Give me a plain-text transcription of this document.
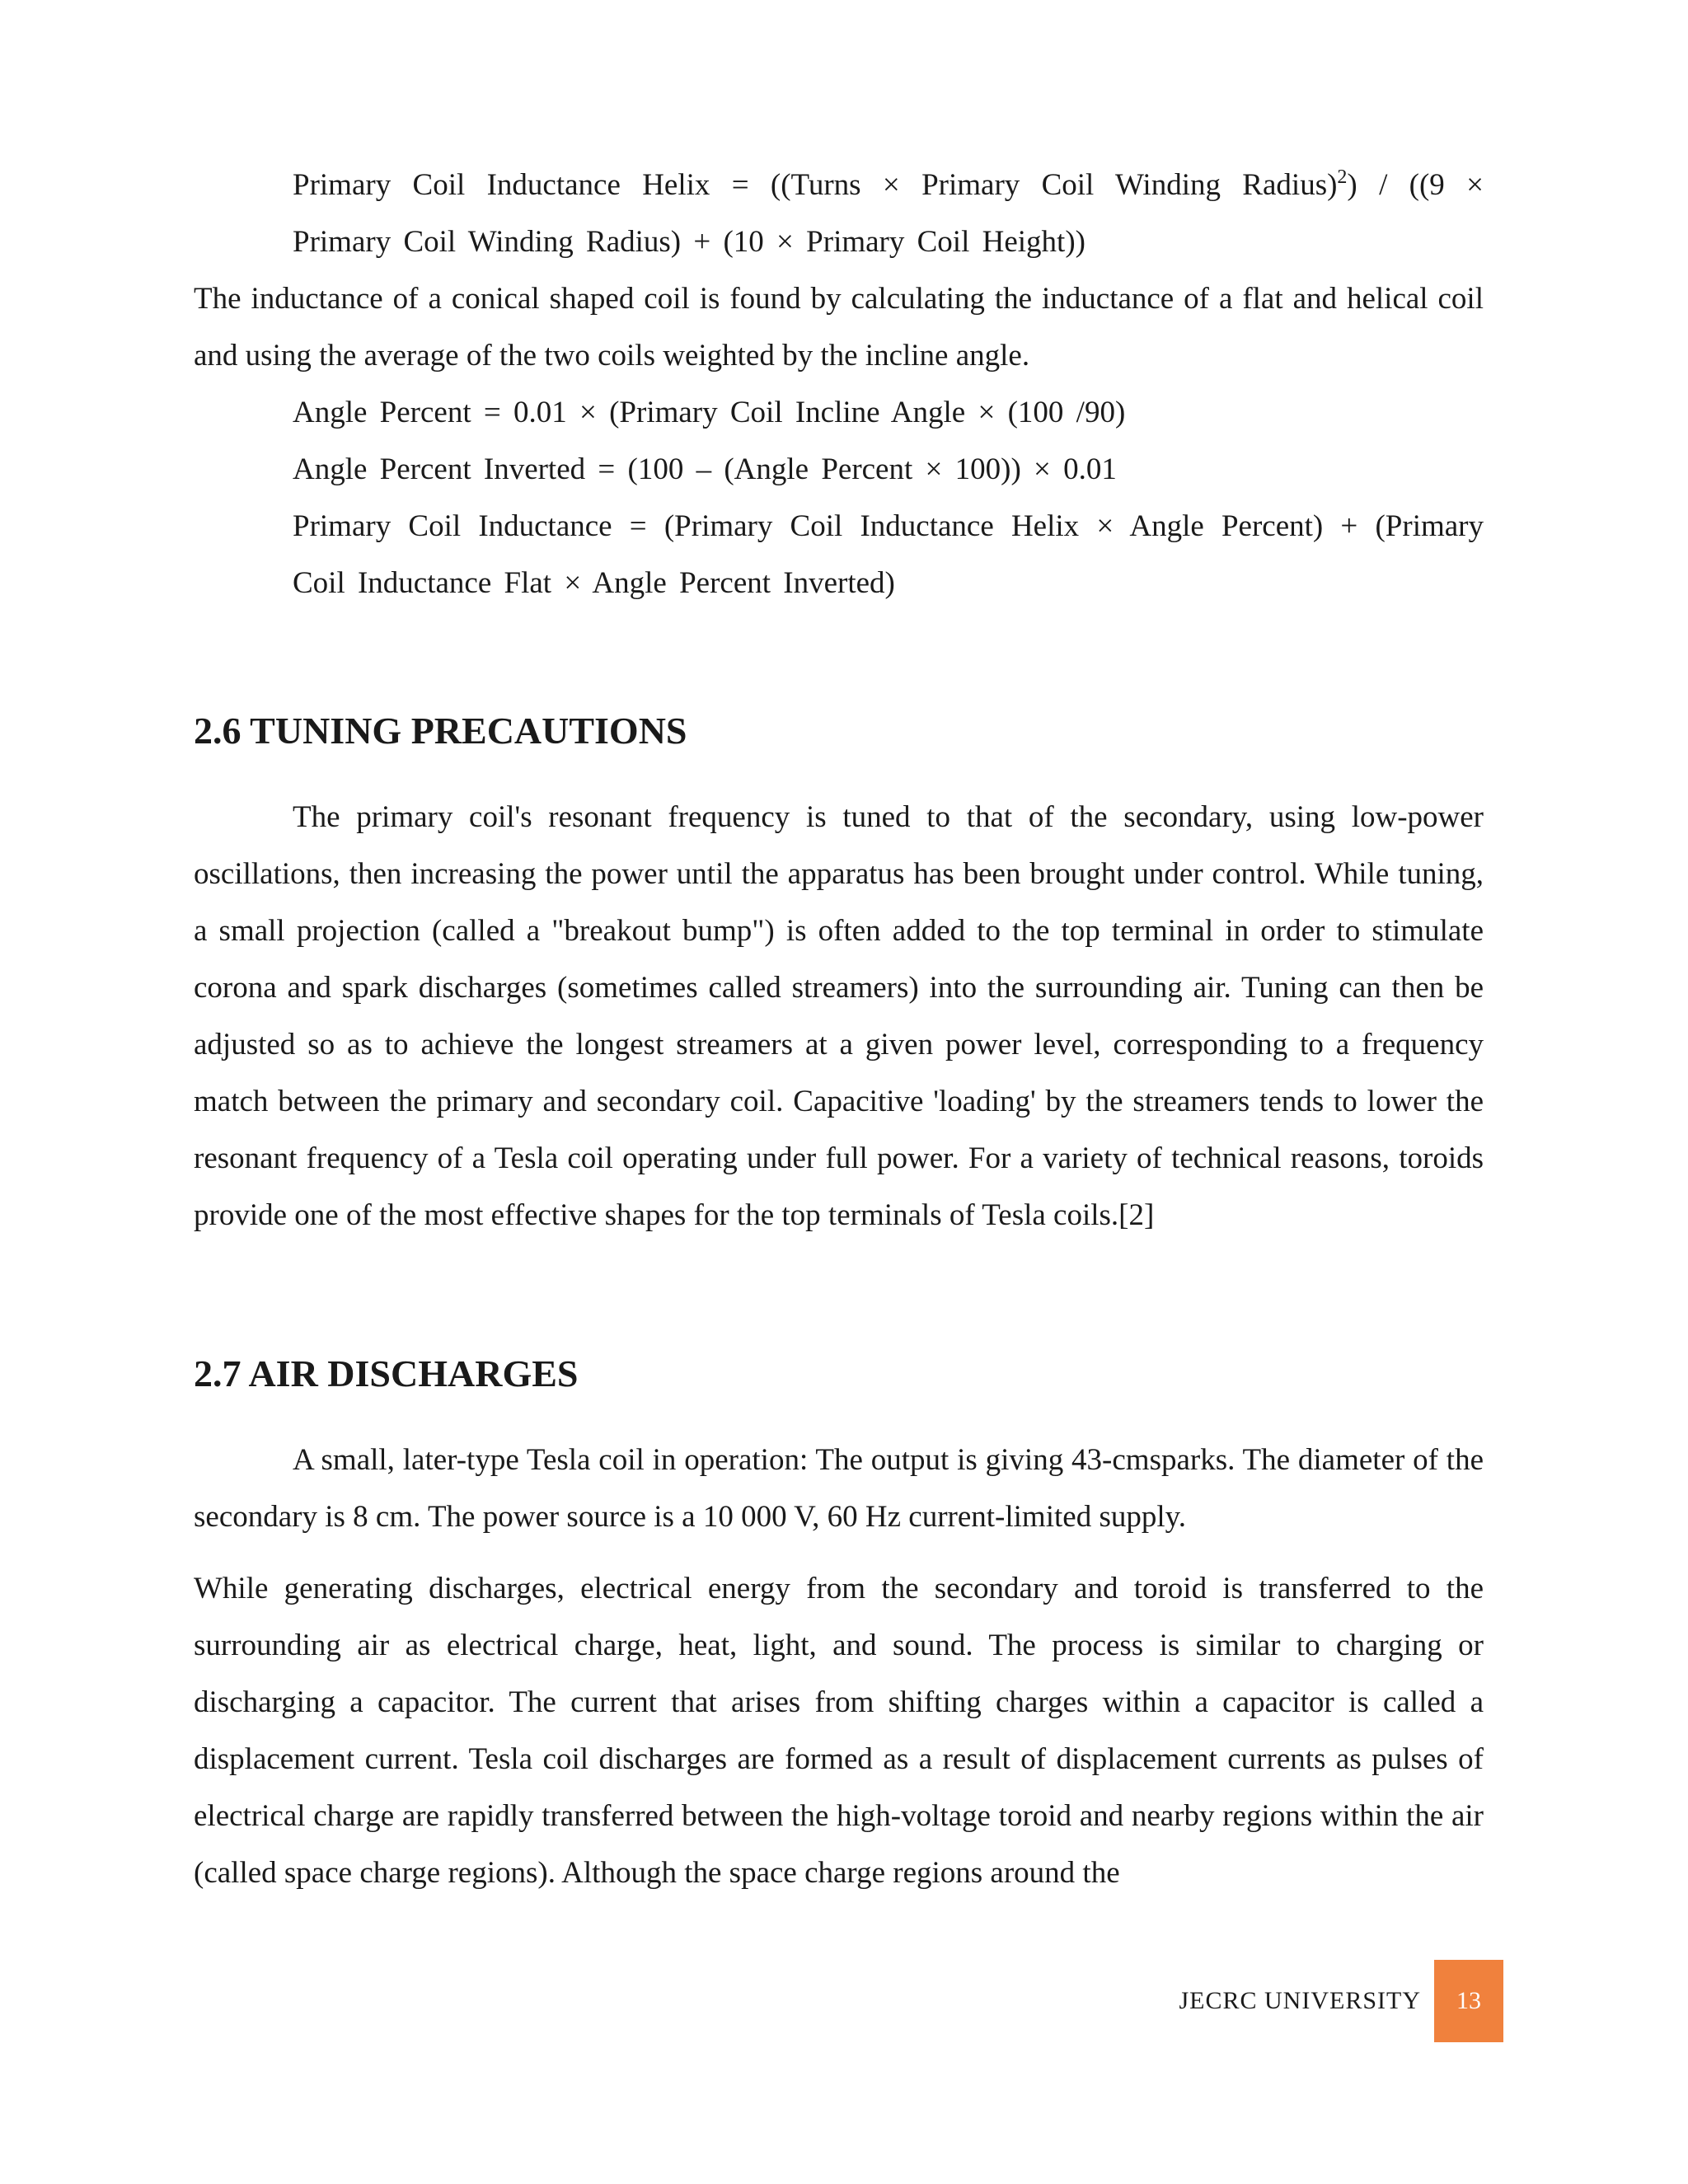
Primary Coil Inductance Helix = ((Turns × Primary Coil Winding Radius)$^2$) / ((9 ×

Primary Coil Winding Radius) + (10 × Primary Coil Height))

The inductance of a conical shaped coil is found by calculating the inductance of a flat and helical coil and using the average of the two coils weighted by the incline angle.

Angle Percent = 0.01 × (Primary Coil Incline Angle × (100 /90)

Angle Percent Inverted = (100 – (Angle Percent × 100)) × 0.01

Primary Coil Inductance = (Primary Coil Inductance Helix × Angle Percent) + (Primary

Coil Inductance Flat × Angle Percent Inverted)

2.6 TUNING PRECAUTIONS

The primary coil's resonant frequency is tuned to that of the secondary, using low-power oscillations, then increasing the power until the apparatus has been brought under control. While tuning, a small projection (called a "breakout bump") is often added to the top terminal in order to stimulate corona and spark discharges (sometimes called streamers) into the surrounding air. Tuning can then be adjusted so as to achieve the longest streamers at a given power level, corresponding to a frequency match between the primary and secondary coil. Capacitive 'loading' by the streamers tends to lower the resonant frequency of a Tesla coil operating under full power. For a variety of technical reasons, toroids provide one of the most effective shapes for the top terminals of Tesla coils.[2]

2.7 AIR DISCHARGES

A small, later-type Tesla coil in operation: The output is giving 43-cmsparks. The diameter of the secondary is 8 cm. The power source is a 10 000 V, 60 Hz current-limited supply.

While generating discharges, electrical energy from the secondary and toroid is transferred to the surrounding air as electrical charge, heat, light, and sound. The process is similar to charging or discharging a capacitor. The current that arises from shifting charges within a capacitor is called a displacement current. Tesla coil discharges are formed as a result of displacement currents as pulses of electrical charge are rapidly transferred between the high-voltage toroid and nearby regions within the air (called space charge regions). Although the space charge regions around the

JECRC UNIVERSITY	13
